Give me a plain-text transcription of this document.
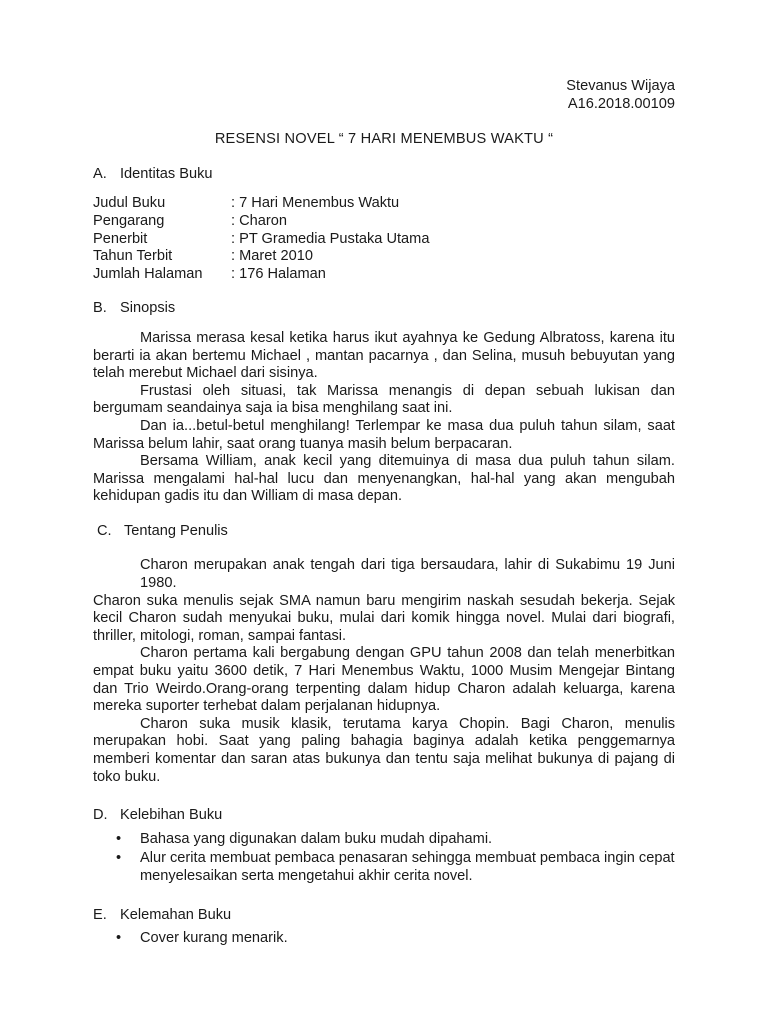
Stevanus Wijaya
A16.2018.00109
RESENSI NOVEL “ 7 HARI MENEMBUS WAKTU “
A. Identitas Buku
Judul Buku	: 7 Hari Menembus Waktu
Pengarang	: Charon
Penerbit	: PT Gramedia Pustaka Utama
Tahun Terbit	: Maret 2010
Jumlah Halaman	: 176 Halaman
B. Sinopsis

Marissa merasa kesal ketika harus ikut ayahnya ke Gedung Albratoss, karena itu berarti ia akan bertemu Michael , mantan pacarnya , dan Selina, musuh bebuyutan yang telah merebut Michael dari sisinya.

Frustasi oleh situasi, tak Marissa menangis di depan sebuah lukisan dan bergumam seandainya saja ia bisa menghilang saat ini.

Dan ia...betul-betul menghilang! Terlempar ke masa dua puluh tahun silam, saat Marissa belum lahir, saat orang tuanya masih belum berpacaran.

Bersama William, anak kecil yang ditemuinya di masa dua puluh tahun silam. Marissa mengalami hal-hal lucu dan menyenangkan, hal-hal yang akan mengubah kehidupan gadis itu dan William di masa depan.

C. Tentang Penulis

Charon merupakan anak tengah dari tiga bersaudara, lahir di Sukabimu 19 Juni 1980.

Charon suka menulis sejak SMA namun baru mengirim naskah sesudah bekerja. Sejak kecil Charon sudah menyukai buku, mulai dari komik hingga novel. Mulai dari biografi, thriller, mitologi, roman, sampai fantasi.

Charon pertama kali bergabung dengan GPU tahun 2008 dan telah menerbitkan empat buku yaitu 3600 detik, 7 Hari Menembus Waktu, 1000 Musim Mengejar Bintang dan Trio Weirdo.Orang-orang terpenting dalam hidup Charon adalah keluarga, karena mereka suporter terhebat dalam perjalanan hidupnya.

Charon suka musik klasik, terutama karya Chopin. Bagi Charon, menulis merupakan hobi. Saat yang paling bahagia baginya adalah ketika penggemarnya memberi komentar dan saran atas bukunya dan tentu saja melihat bukunya di pajang di toko buku.

D. Kelebihan Buku
• Bahasa yang digunakan dalam buku mudah dipahami.
• Alur cerita membuat pembaca penasaran sehingga membuat pembaca ingin cepat menyelesaikan serta mengetahui akhir cerita novel.
E. Kelemahan Buku
• Cover kurang menarik.
